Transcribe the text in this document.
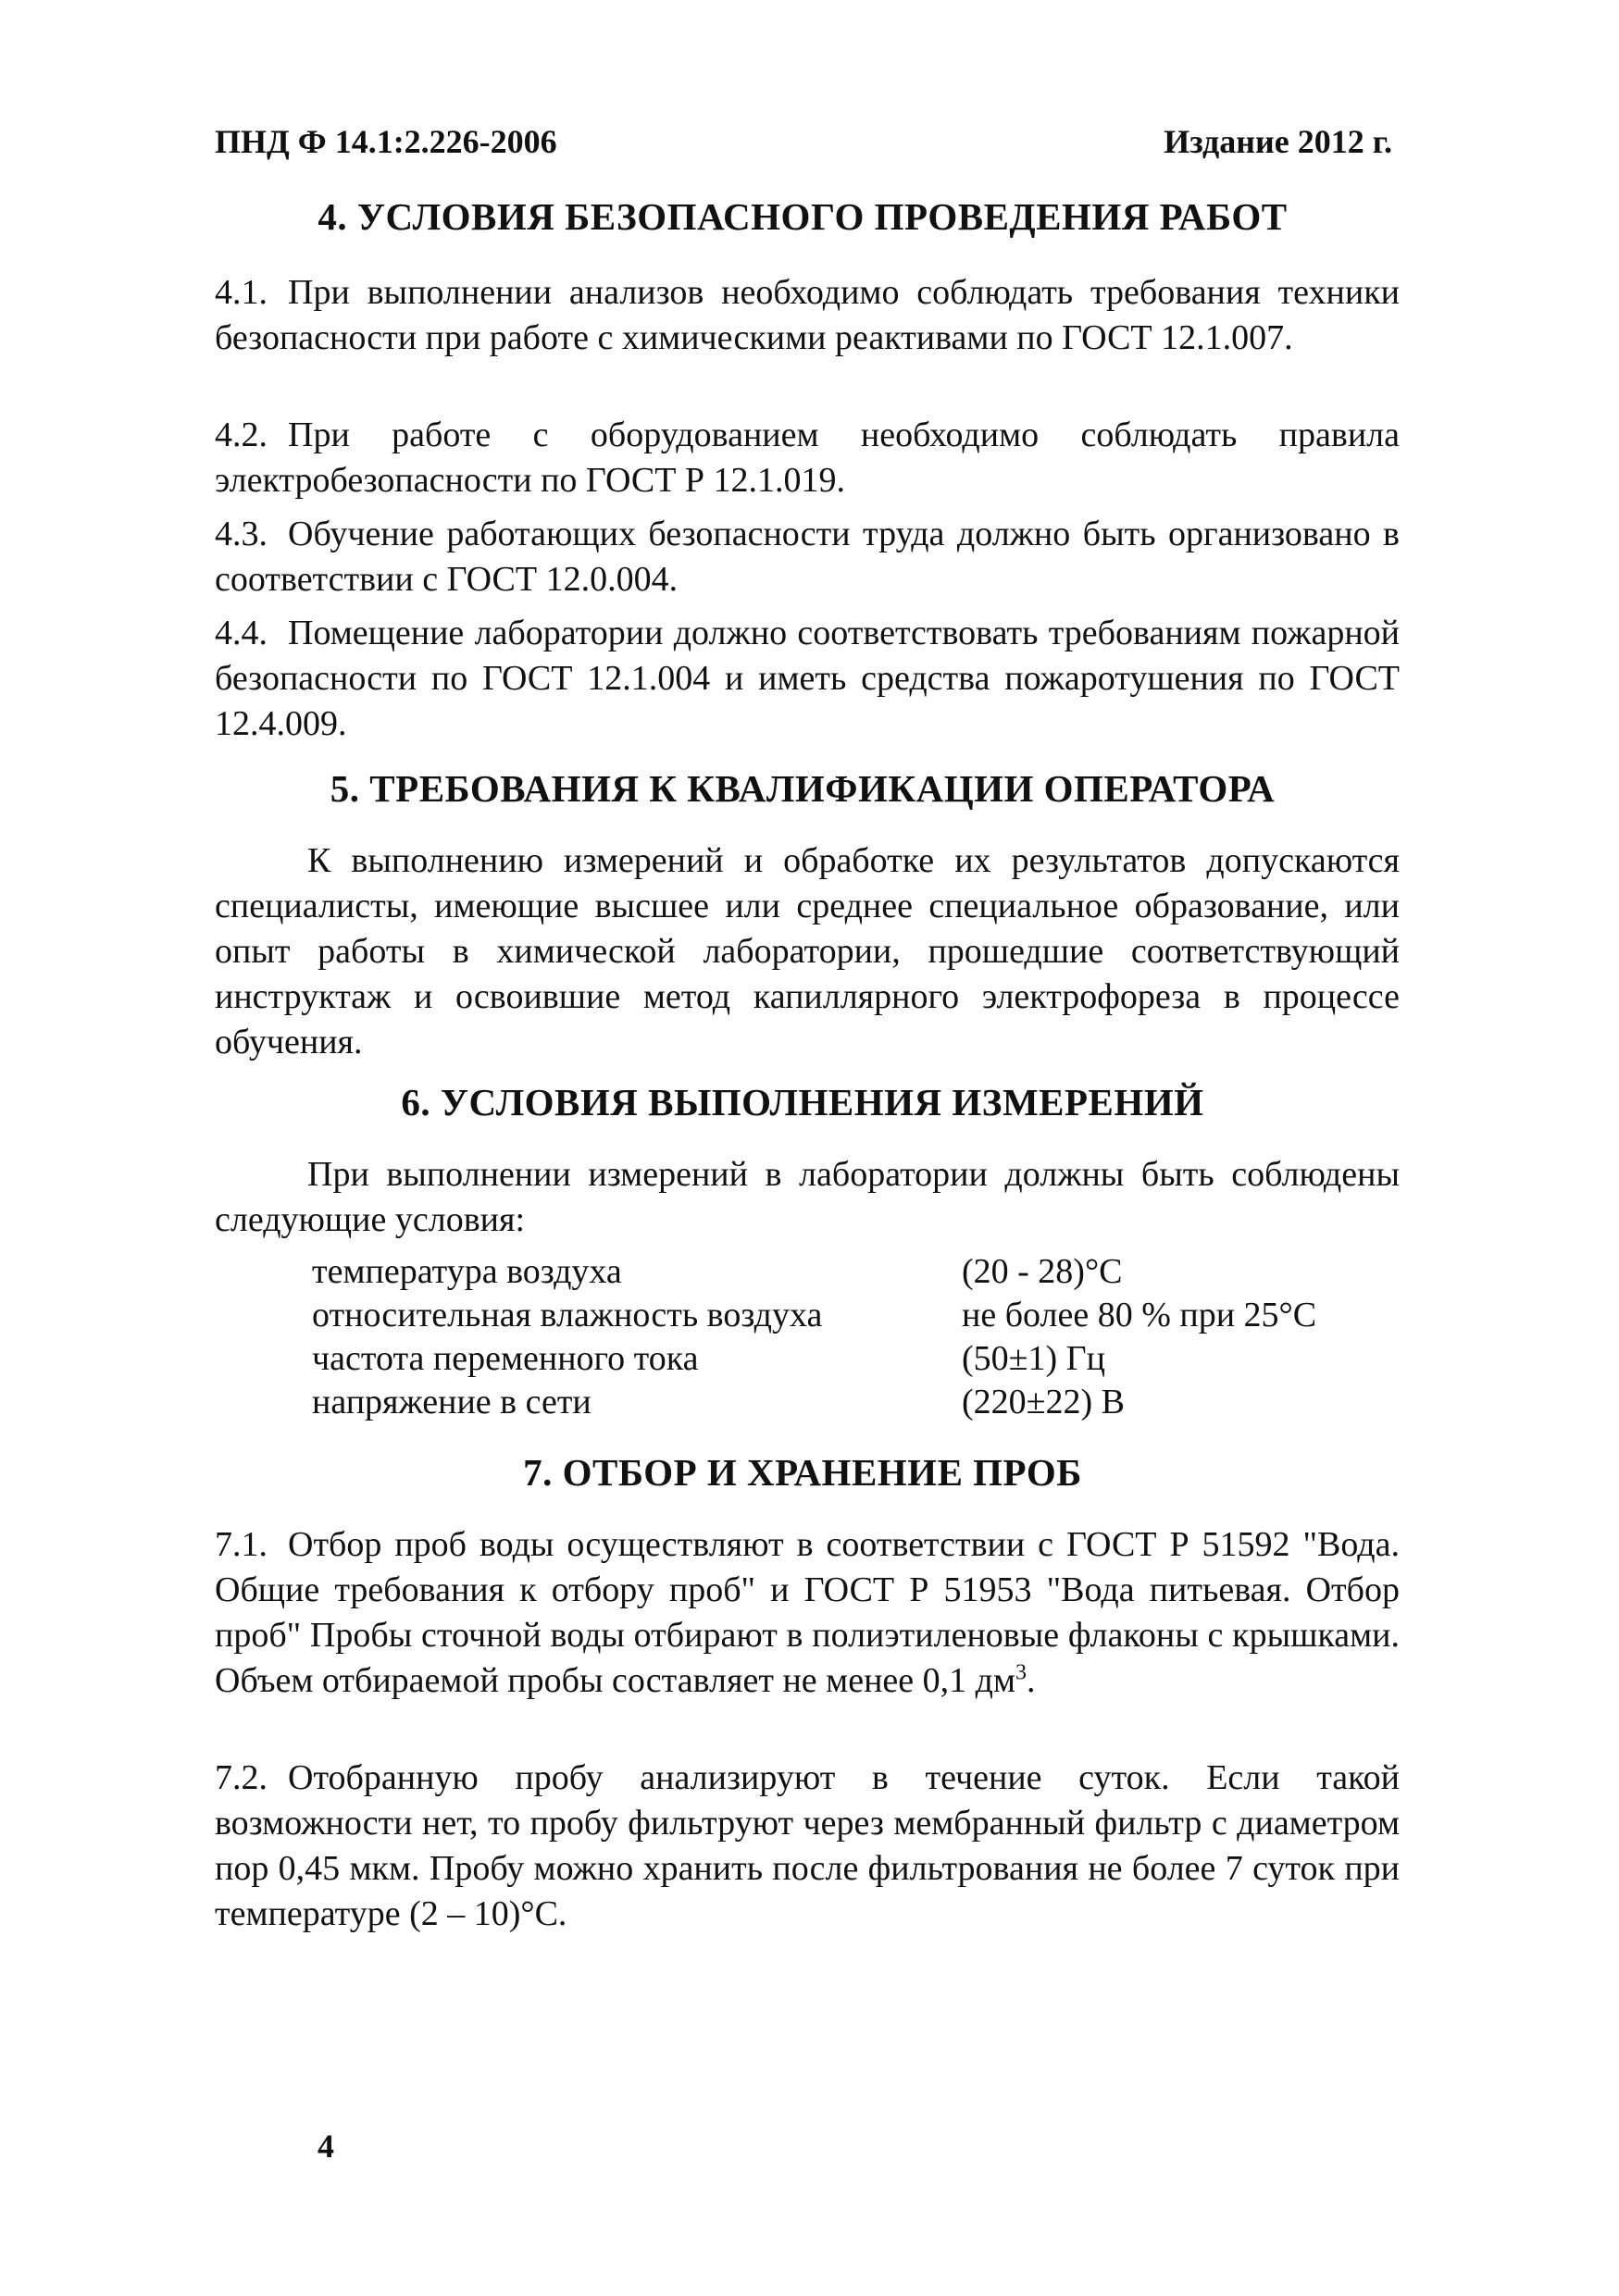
ПНД Ф 14.1:2.226-2006	Издание 2012 г.
4. УСЛОВИЯ БЕЗОПАСНОГО ПРОВЕДЕНИЯ РАБОТ

4.1. При выполнении анализов необходимо соблюдать требования техники безопасности при работе с химическими реактивами по ГОСТ 12.1.007.

4.2. При работе с оборудованием необходимо соблюдать правила электробезопасности по ГОСТ Р 12.1.019.

4.3. Обучение работающих безопасности труда должно быть организовано в соответствии с ГОСТ 12.0.004.

4.4. Помещение лаборатории должно соответствовать требованиям пожарной безопасности по ГОСТ 12.1.004 и иметь средства пожаротушения по ГОСТ 12.4.009.

5. ТРЕБОВАНИЯ К КВАЛИФИКАЦИИ ОПЕРАТОРА

К выполнению измерений и обработке их результатов допускаются специалисты, имеющие высшее или среднее специальное образование, или опыт работы в химической лаборатории, прошедшие соответствующий инструктаж и освоившие метод капиллярного электрофореза в процессе обучения.

6. УСЛОВИЯ ВЫПОЛНЕНИЯ ИЗМЕРЕНИЙ

При выполнении измерений в лаборатории должны быть соблюдены следующие условия:

температура воздуха	(20 - 28)°С
относительная влажность воздуха	не более 80 % при 25°С
частота переменного тока	(50±1) Гц
напряжение в сети	(220±22) В
7. ОТБОР И ХРАНЕНИЕ ПРОБ

7.1. Отбор проб воды осуществляют в соответствии с ГОСТ Р 51592 "Вода. Общие требования к отбору проб" и ГОСТ Р 51953 "Вода питьевая. Отбор проб" Пробы сточной воды отбирают в полиэтиленовые флаконы с крышками. Объем отбираемой пробы составляет не менее 0,1 $дм^3$.

7.2. Отобранную пробу анализируют в течение суток. Если такой возможности нет, то пробу фильтруют через мембранный фильтр с диаметром пор 0,45 мкм. Пробу можно хранить после фильтрования не более 7 суток при температуре (2 – 10)°С.

4
